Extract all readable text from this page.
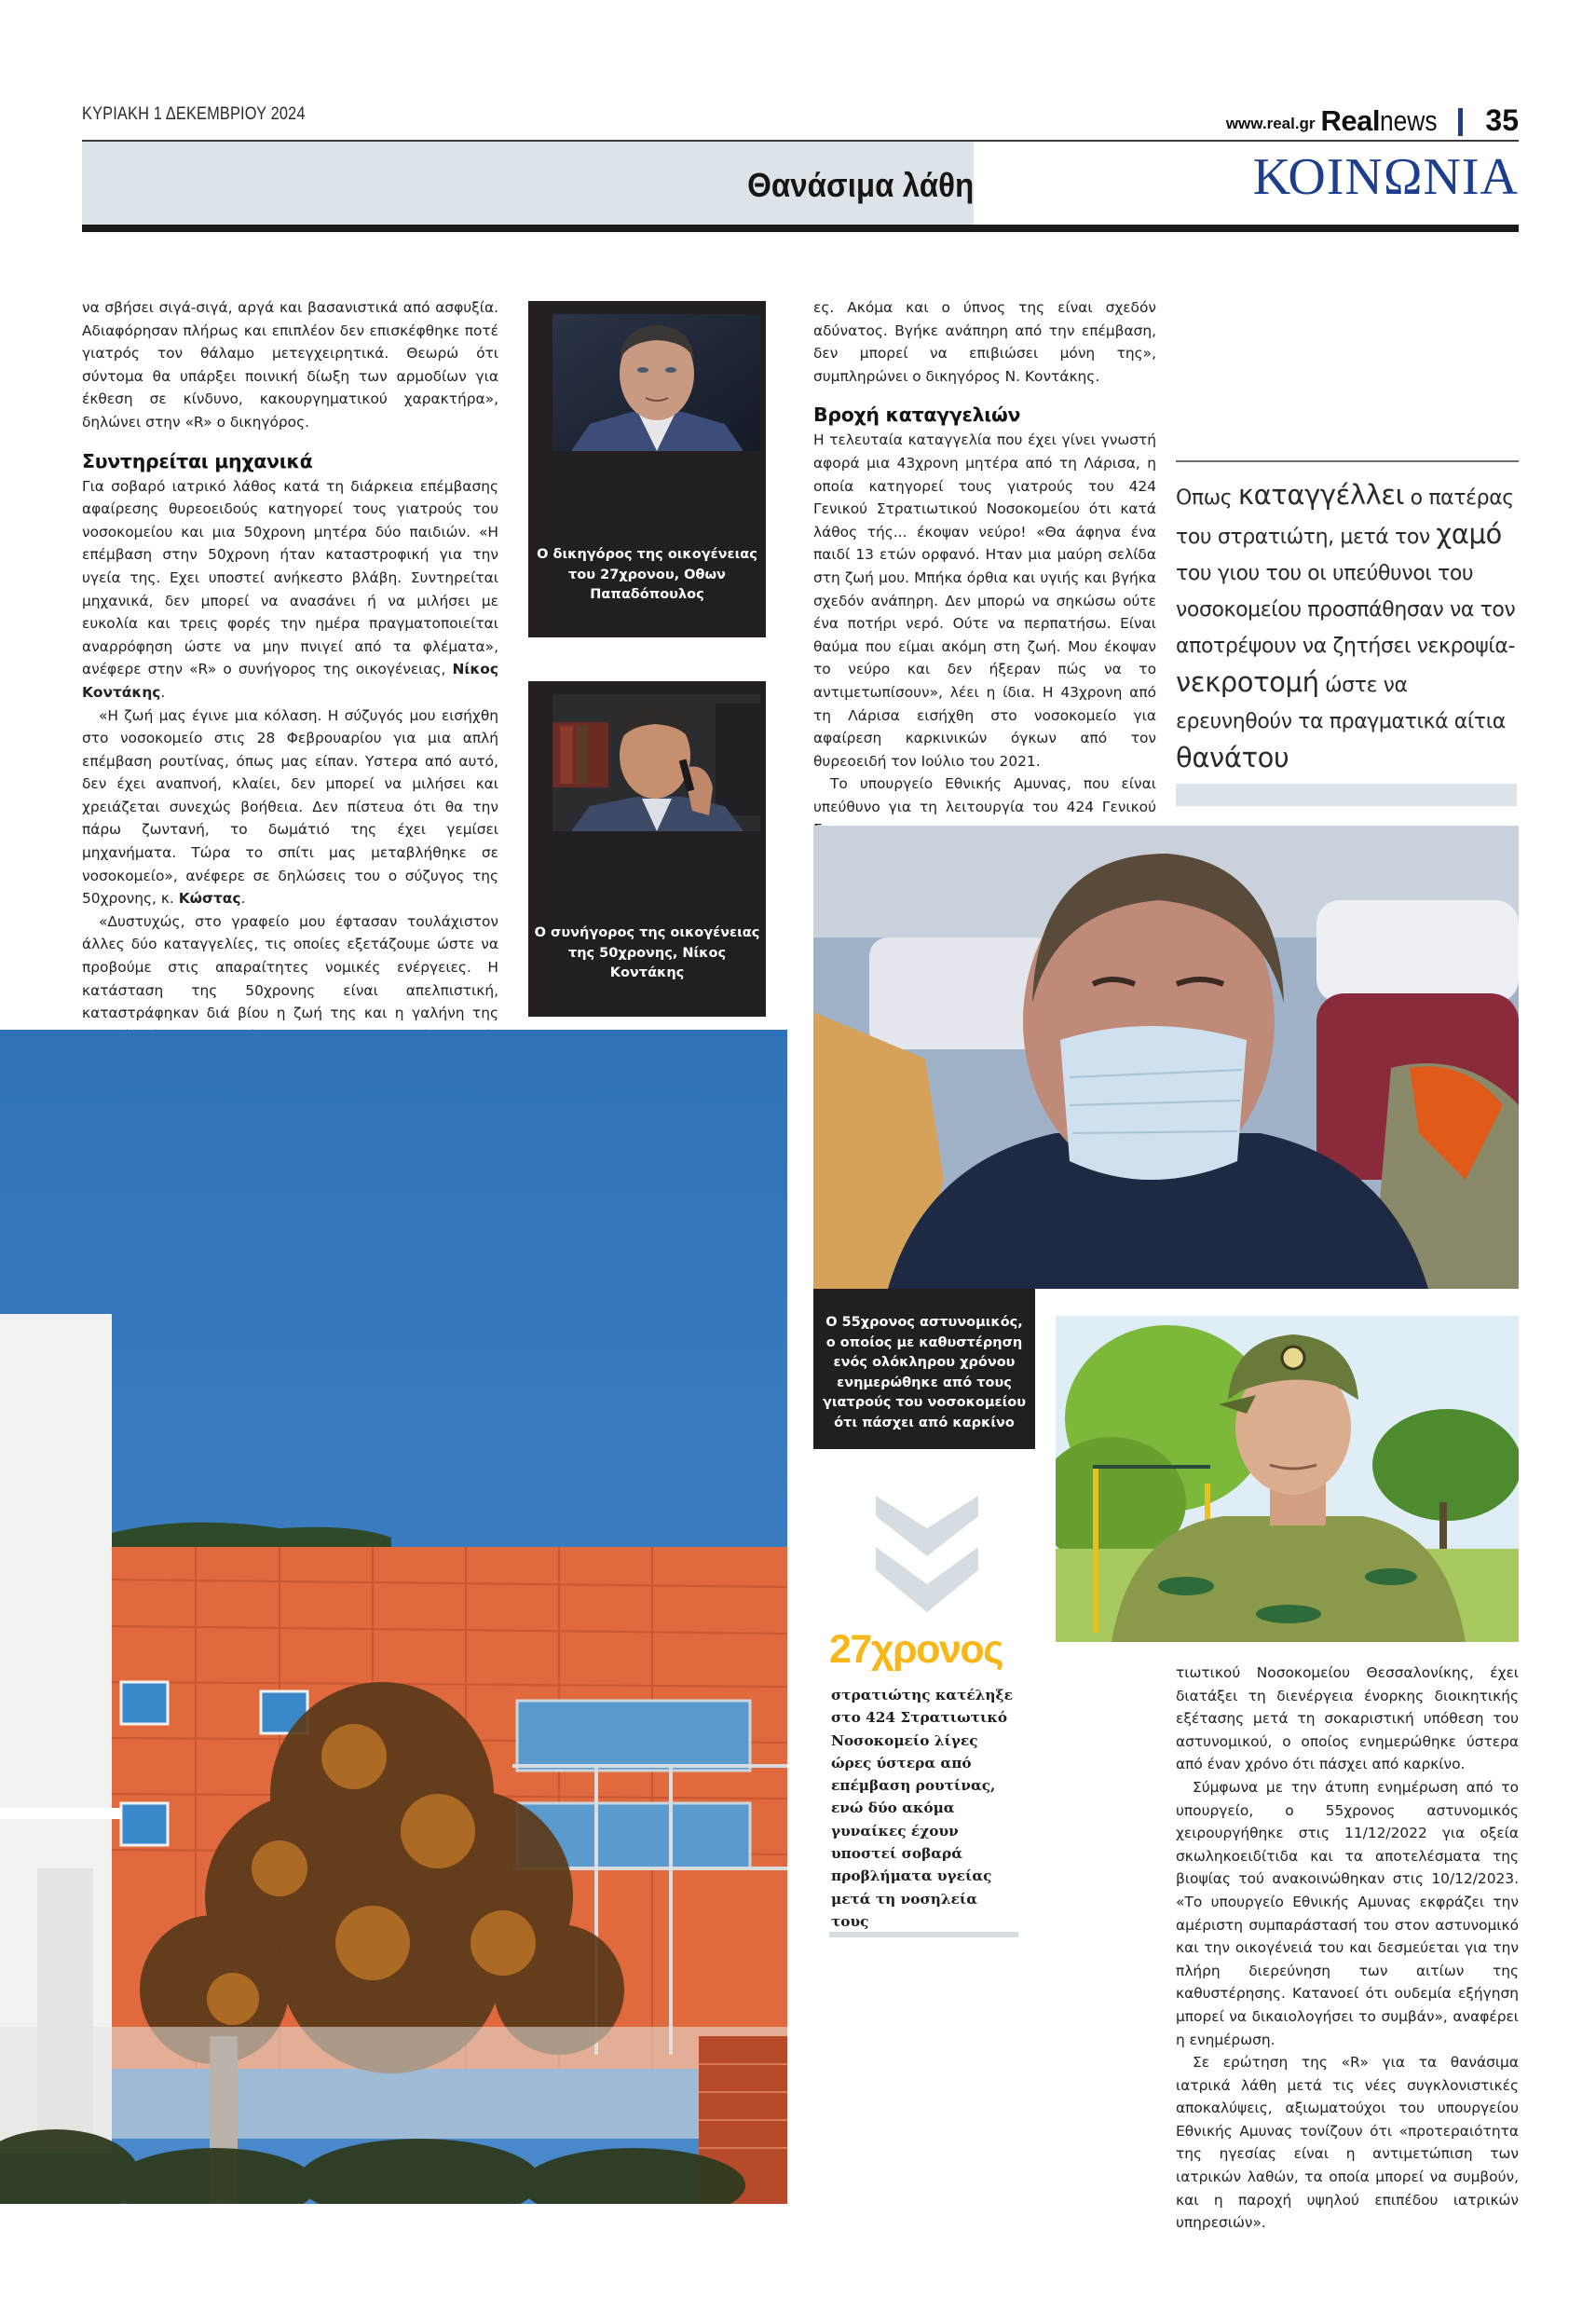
ΚΥΡΙΑΚΗ 1 ΔΕΚΕΜΒΡΙΟΥ 2024	www.real.gr Real news 35
Θανάσιμα λάθη	ΚΟΙΝΩΝΙΑ

να σβήσει σιγά-σιγά, αργά και βασανιστικά από ασφυξία. Αδιαφόρησαν πλήρως και επιπλέον δεν επισκέφθηκε ποτέ γιατρός τον θάλαμο μετεγχειρητικά. Θεωρώ ότι σύντομα θα υπάρξει ποινική δίωξη των αρμοδίων για έκθεση σε κίνδυνο, κακουργηματικού χαρακτήρα», δηλώνει στην «R» ο δικηγόρος.

Συντηρείται μηχανικά

Για σοβαρό ιατρικό λάθος κατά τη διάρκεια επέμβασης αφαίρεσης θυρεοειδούς κατηγορεί τους γιατρούς του νοσοκομείου και μια 50χρονη μητέρα δύο παιδιών. «Η επέμβαση στην 50χρονη ήταν καταστροφική για την υγεία της. Εχει υποστεί ανήκεστο βλάβη. Συντηρείται μηχανικά, δεν μπορεί να ανασάνει ή να μιλήσει με ευκολία και τρεις φορές την ημέρα πραγματοποιείται αναρρόφηση ώστε να μην πνιγεί από τα φλέματα», ανέφερε στην «R» ο συνήγορος της οικογένειας, Νίκος Κοντάκης.

«Η ζωή μας έγινε μια κόλαση. Η σύζυγός μου εισήχθη στο νοσοκομείο στις 28 Φεβρουαρίου για μια απλή επέμβαση ρουτίνας, όπως μας είπαν. Υστερα από αυτό, δεν έχει αναπνοή, κλαίει, δεν μπορεί να μιλήσει και χρειάζεται συνεχώς βοήθεια. Δεν πίστευα ότι θα την πάρω ζωντανή, το δωμάτιό της έχει γεμίσει μηχανήματα. Τώρα το σπίτι μας μεταβλήθηκε σε νοσοκομείο», ανέφερε σε δηλώσεις του ο σύζυγος της 50χρονης, κ. Κώστας.

«Δυστυχώς, στο γραφείο μου έφτασαν τουλάχιστον άλλες δύο καταγγελίες, τις οποίες εξετάζουμε ώστε να προβούμε στις απαραίτητες νομικές ενέργειες. Η κατάσταση της 50χρονης είναι απελπιστική, καταστράφηκαν διά βίου η ζωή της και η γαλήνη της

Ο δικηγόρος της οικογένειας του 27χρονου, Οθων Παπαδόπουλος
Ο συνήγορος της οικογένειας της 50χρονης, Νίκος Κοντάκης

ες. Ακόμα και ο ύπνος της είναι σχεδόν αδύνατος. Βγήκε ανάπηρη από την επέμβαση, δεν μπορεί να επιβιώσει μόνη της», συμπληρώνει ο δικηγόρος Ν. Κοντάκης.

Βροχή καταγγελιών

Η τελευταία καταγγελία που έχει γίνει γνωστή αφορά μια 43χρονη μητέρα από τη Λάρισα, η οποία κατηγορεί τους γιατρούς του 424 Γενικού Στρατιωτικού Νοσοκομείου ότι κατά λάθος τής... έκοψαν νεύρο! «Θα άφηνα ένα παιδί 13 ετών ορφανό. Ηταν μια μαύρη σελίδα στη ζωή μου. Μπήκα όρθια και υγιής και βγήκα σχεδόν ανάπηρη. Δεν μπορώ να σηκώσω ούτε ένα ποτήρι νερό. Ούτε να περπατήσω. Είναι θαύμα που είμαι ακόμη στη ζωή. Μου έκοψαν το νεύρο και δεν ήξεραν πώς να το αντιμετωπίσουν», λέει η ίδια. Η 43χρονη από τη Λάρισα εισήχθη στο νοσοκομείο για αφαίρεση καρκινικών όγκων από τον θυρεοειδή τον Ιούλιο του 2021.

Το υπουργείο Εθνικής Αμυνας, που είναι υπεύθυνο για τη λειτουργία του 424 Γενικού

Οπως καταγγέλλει ο πατέρας του στρατιώτη, μετά τον χαμό του γιου του οι υπεύθυνοι του νοσοκομείου προσπάθησαν να τον αποτρέψουν να ζητήσει νεκροψία-νεκροτομή ώστε να ερευνηθούν τα πραγματικά αίτια θανάτου
Ο 55χρονος αστυνομικός, ο οποίος με καθυστέρηση ενός ολόκληρου χρόνου ενημερώθηκε από τους γιατρούς του νοσοκομείου ότι πάσχει από καρκίνο
27χρονος
στρατιώτης κατέληξε στο 424 Στρατιωτικό Νοσοκομείο λίγες ώρες ύστερα από επέμβαση ρουτίνας, ενώ δύο ακόμα γυναίκες έχουν υποστεί σοβαρά προβλήματα υγείας μετά τη νοσηλεία τους

τιωτικού Νοσοκομείου Θεσσαλονίκης, έχει διατάξει τη διενέργεια ένορκης διοικητικής εξέτασης μετά τη σοκαριστική υπόθεση του αστυνομικού, ο οποίος ενημερώθηκε ύστερα από έναν χρόνο ότι πάσχει από καρκίνο.

Σύμφωνα με την άτυπη ενημέρωση από το υπουργείο, ο 55χρονος αστυνομικός χειρουργήθηκε στις 11/12/2022 για οξεία σκωληκοειδίτιδα και τα αποτελέσματα της βιοψίας τού ανακοινώθηκαν στις 10/12/2023. «Το υπουργείο Εθνικής Αμυνας εκφράζει την αμέριστη συμπαράστασή του στον αστυνομικό και την οικογένειά του και δεσμεύεται για την πλήρη διερεύνηση των αιτίων της καθυστέρησης. Κατανοεί ότι ουδεμία εξήγηση μπορεί να δικαιολογήσει το συμβάν», αναφέρει η ενημέρωση.

Σε ερώτηση της «R» για τα θανάσιμα ιατρικά λάθη μετά τις νέες συγκλονιστικές αποκαλύψεις, αξιωματούχοι του υπουργείου Εθνικής Αμυνας τονίζουν ότι «προτεραιότητα της ηγεσίας είναι η αντιμετώπιση των ιατρικών λαθών, τα οποία μπορεί να συμβούν, και η παροχή υψηλού επιπέδου ιατρικών υπηρεσιών».
